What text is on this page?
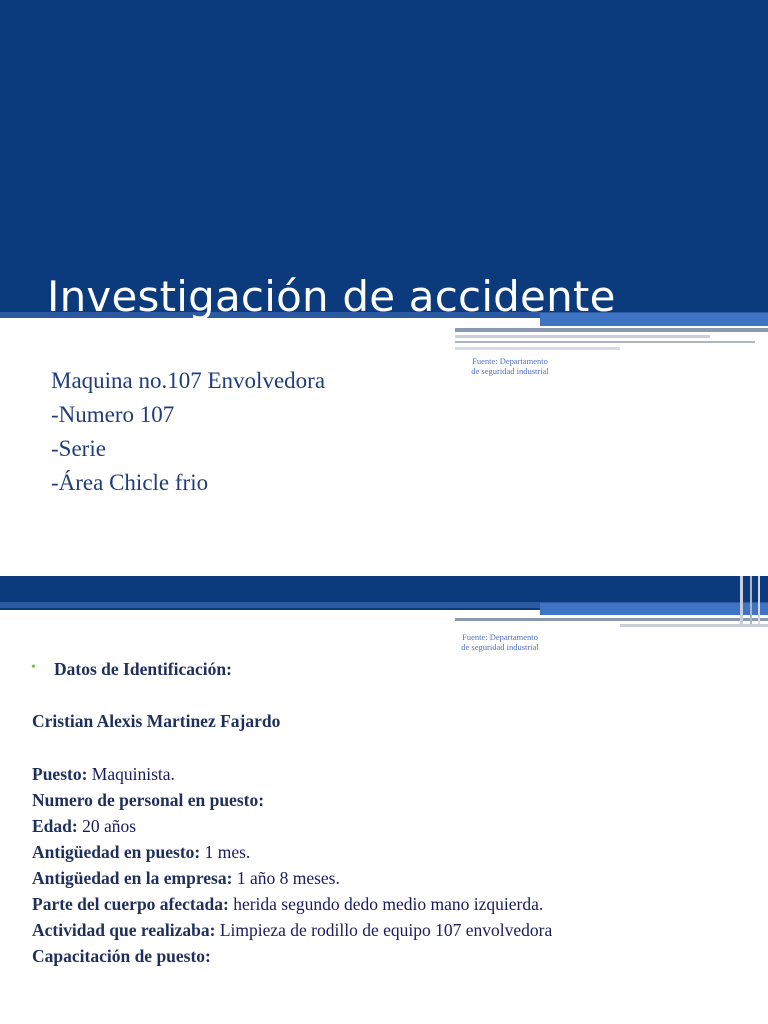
Investigación de accidente
Fuente: Departamento
de seguridad industrial
Maquina no.107 Envolvedora
-Numero 107
-Serie
-Área Chicle frio
Fuente: Departamento
de seguridad industrial
• Datos de Identificación:
Cristian Alexis Martinez Fajardo
Puesto: Maquinista.
Numero de personal en puesto:
Edad: 20 años
Antigüedad en puesto: 1 mes.
Antigüedad en la empresa: 1 año 8 meses.
Parte del cuerpo afectada: herida segundo dedo medio mano izquierda.
Actividad que realizaba: Limpieza de rodillo de equipo 107 envolvedora
Capacitación de puesto:
